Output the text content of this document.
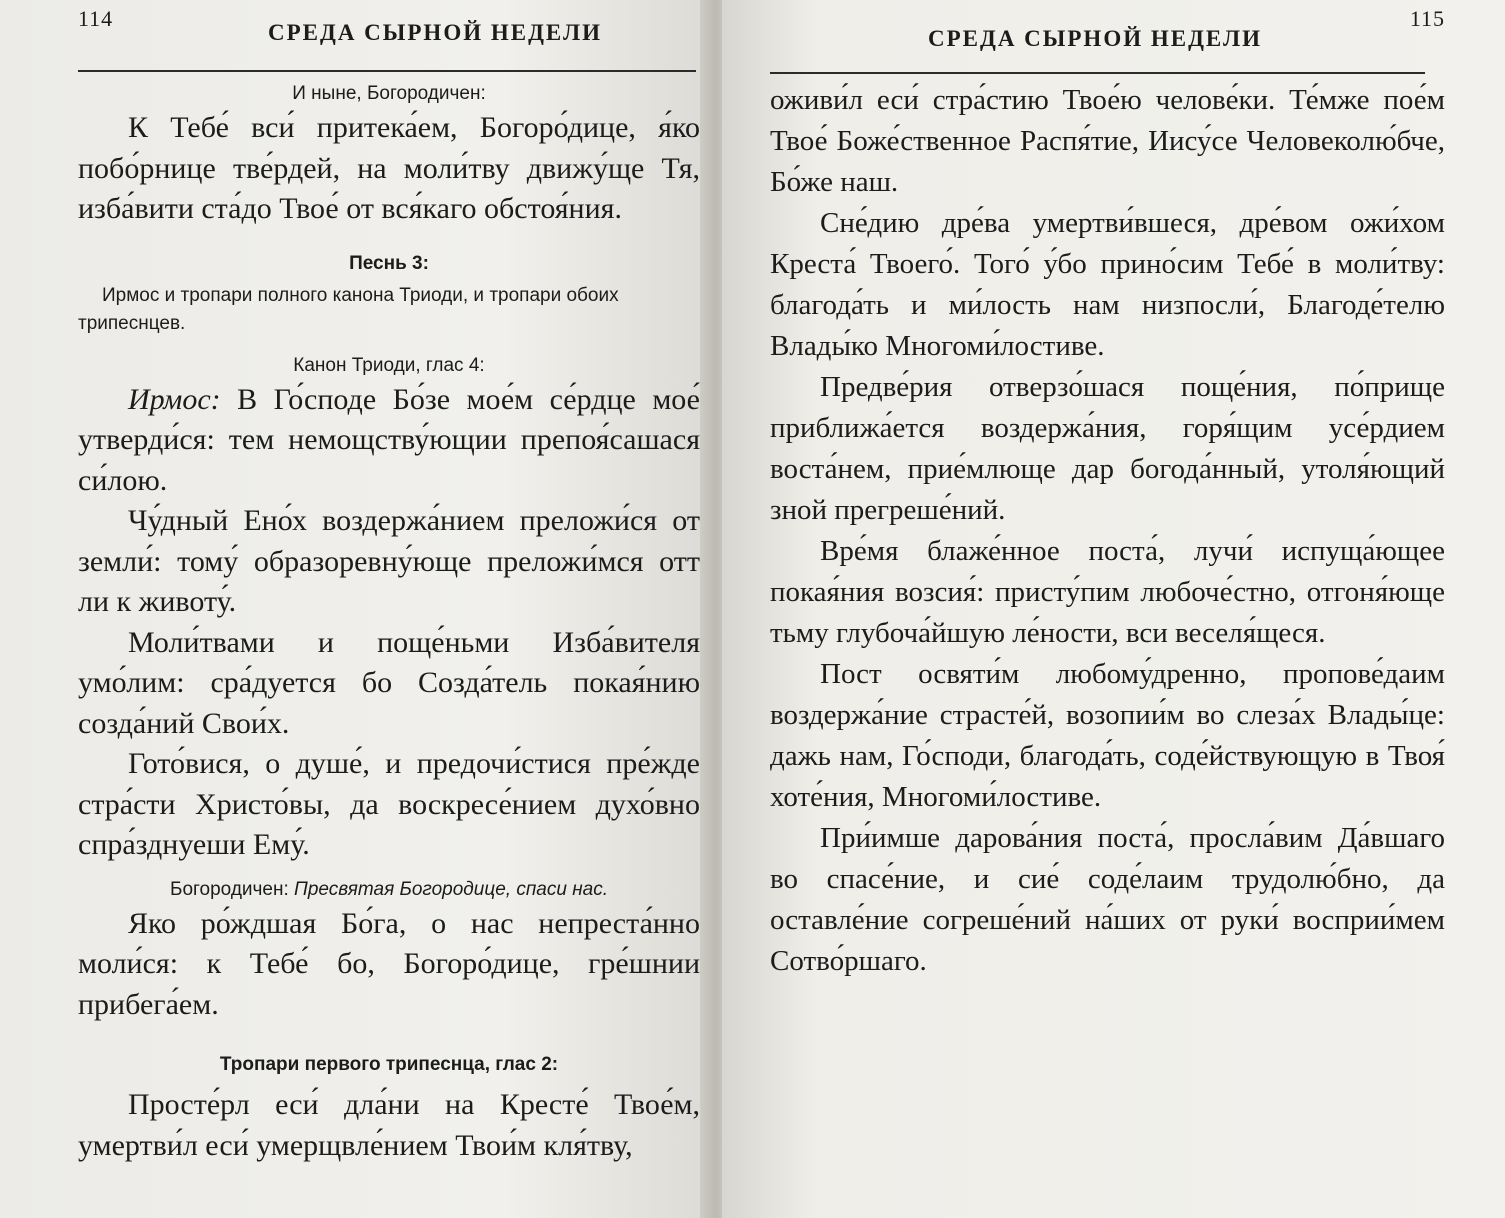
114
СРЕДА СЫРНОЙ НЕДЕЛИ
И ныне, Богородичен:

К Тебе́ вси́ притека́ем, Богоро́дице, я́ко побо́рнице тве́рдей, на моли́тву движу́ще Тя, изба́вити ста́до Твое́ от вся́каго обстоя́ния.

Песнь 3:
Ирмос и тропари полного канона Триоди, и тропари обоих трипеснцев.
Канон Триоди, глас 4:

Ирмос: В Го́споде Бо́зе мое́м се́рдце мое́ утверди́ся: тем немощству́ющии препоя́сашася си́лою.

Чу́дный Ено́х воздержа́нием преложи́ся от земли́: тому́ образоревну́юще преложи́мся отт ли к животу́.

Моли́твами и поще́ньми Изба́вителя умо́лим: сра́дуется бо Созда́тель покая́нию созда́ний Свои́х.

Гото́вися, о душе́, и предочи́стися пре́жде стра́сти Христо́вы, да воскресе́нием духо́вно спра́зднуеши Ему́.

Богородичен: Пресвятая Богородице, спаси нас.

Яко ро́ждшая Бо́га, о нас непреста́нно моли́ся: к Тебе́ бо, Богоро́дице, гре́шнии прибега́ем.

Тропари первого трипеснца, глас 2:

Просте́рл еси́ дла́ни на Кресте́ Твое́м, умертви́л еси́ умерщвле́нием Твои́м кля́тву,

115
СРЕДА СЫРНОЙ НЕДЕЛИ

оживи́л еси́ стра́стию Твое́ю челове́ки. Те́мже пое́м Твое́ Боже́ственное Распя́тие, Иису́се Человеколю́бче, Бо́же наш.

Сне́дию дре́ва умертви́вшеся, дре́вом ожи́хом Креста́ Твоего́. Того́ у́бо прино́сим Тебе́ в моли́тву: благода́ть и ми́лость нам низпосли́, Благоде́телю Влады́ко Многоми́лостиве.

Предве́рия отверзо́шася поще́ния, по́прище приближа́ется воздержа́ния, горя́щим усе́рдием воста́нем, прие́млюще дар богода́нный, утоля́ющий зной прегреше́ний.

Вре́мя блаже́нное поста́, лучи́ испуща́ющее покая́ния возсия́: присту́пим любоче́стно, отгоня́юще тьму глубоча́йшую ле́ности, вси веселя́щеся.

Пост освяти́м любому́дренно, пропове́даим воздержа́ние страсте́й, возопии́м во слеза́х Влады́це: дажь нам, Го́споди, благода́ть, соде́йствующую в Твоя́ хоте́ния, Многоми́лостиве.

При́имше дарова́ния поста́, просла́вим Да́вшаго во спасе́ние, и сие́ соде́лаим трудолю́бно, да оставле́ние согреше́ний на́ших от руки́ восприи́мем Сотво́ршаго.
